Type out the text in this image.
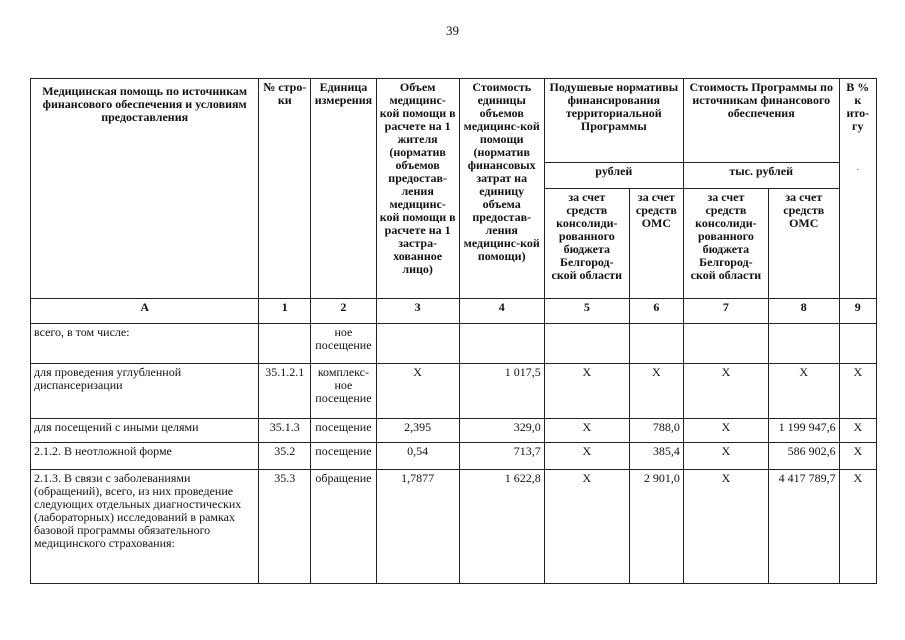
39
Медицинская помощь по источникам финансового обеспечения и условиям предоставления	№ стро-ки	Единица измерения	Объем медицинс-кой помощи в расчете на 1 жителя (норматив объемов предостав-ления медицинс-кой помощи в расчете на 1 застра-хованное лицо)	Стоимость единицы объемов медицинс-кой помощи (норматив финансовых затрат на единицу объема предостав-ления медицинс-кой помощи)	Подушевые нормативы финансирования территориальной Программы		Стоимость Программы по источникам финансового обеспечения		В % к ито-гу
·

					рублей		тыс. рублей		
					за счет средств консолиди-рованного бюджета Белгород-ской области	за счет средств ОМС	за счет средств консолиди-рованного бюджета Белгород-ской области	за счет средств ОМС	
А	1	2	3	4	5	6	7	8	9
всего, в том числе:		ное посещение							
для проведения углубленной диспансеризации	35.1.2.1	комплекс-ное посещение	X	1 017,5	X	X	X	X	X
для посещений с иными целями	35.1.3	посещение	2,395	329,0	X	788,0	X	1 199 947,6	X
2.1.2. В неотложной форме	35.2	посещение	0,54	713,7	X	385,4	X	586 902,6	X
2.1.3. В связи с заболеваниями (обращений), всего, из них проведение следующих отдельных диагностических (лабораторных) исследований в рамках базовой программы обязательного медицинского страхования:	35.3	обращение	1,7877	1 622,8	X	2 901,0	X	4 417 789,7	X
